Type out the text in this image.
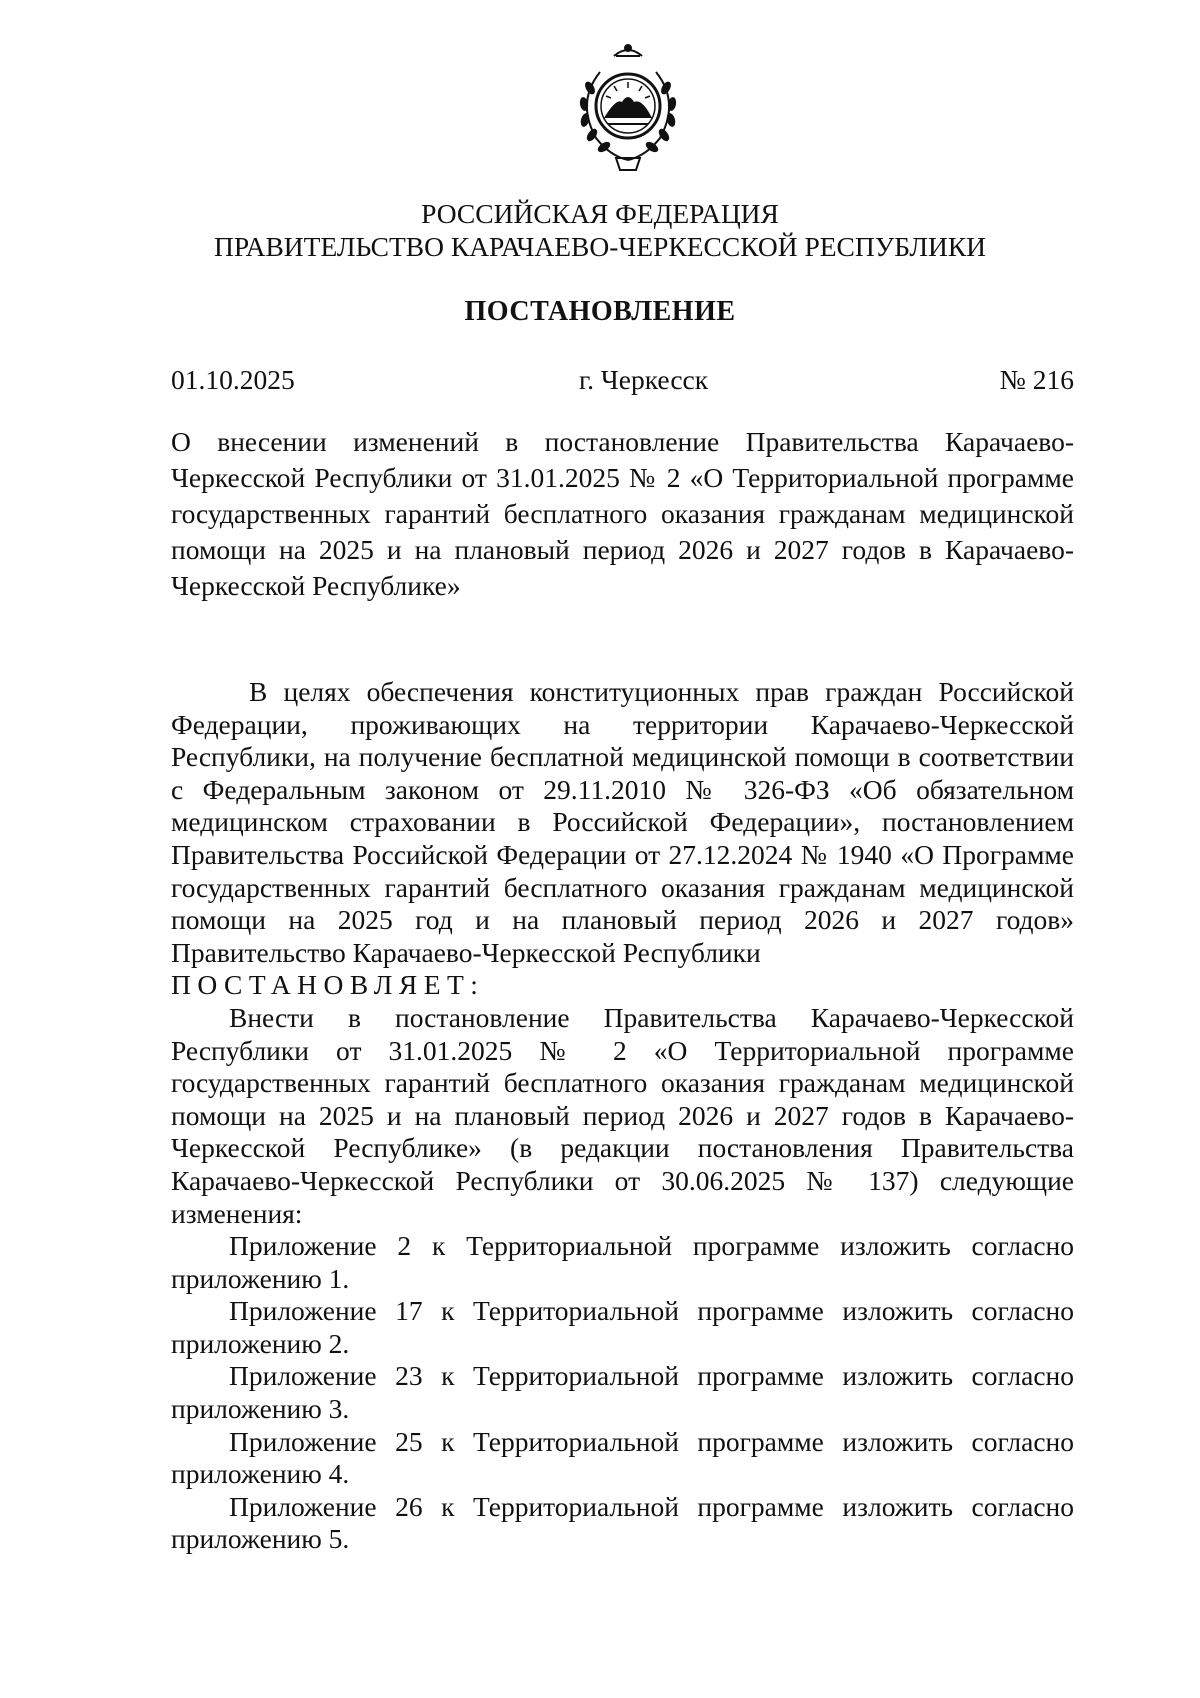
РОССИЙСКАЯ ФЕДЕРАЦИЯ
ПРАВИТЕЛЬСТВО КАРАЧАЕВО-ЧЕРКЕССКОЙ РЕСПУБЛИКИ
ПОСТАНОВЛЕНИЕ
01.10.2025	г. Черкесск	№ 216

О внесении изменений в постановление Правительства Карачаево-Черкесской Республики от 31.01.2025 № 2 «О Территориальной программе государственных гарантий бесплатного оказания гражданам медицинской помощи на 2025 и на плановый период 2026 и 2027 годов в Карачаево-Черкесской Республике»

В целях обеспечения конституционных прав граждан Российской Федерации, проживающих на территории Карачаево-Черкесской Республики, на получение бесплатной медицинской помощи в соответствии с Федеральным законом от 29.11.2010 № 326-ФЗ «Об обязательном медицинском страховании в Российской Федерации», постановлением Правительства Российской Федерации от 27.12.2024 № 1940 «О Программе государственных гарантий бесплатного оказания гражданам медицинской помощи на 2025 год и на плановый период 2026 и 2027 годов» Правительство Карачаево-Черкесской Республики

ПОСТАНОВЛЯЕТ:

Внести в постановление Правительства Карачаево-Черкесской Республики от 31.01.2025 № 2 «О Территориальной программе государственных гарантий бесплатного оказания гражданам медицинской помощи на 2025 и на плановый период 2026 и 2027 годов в Карачаево-Черкесской Республике» (в редакции постановления Правительства Карачаево-Черкесской Республики от 30.06.2025 № 137) следующие изменения:

Приложение 2 к Территориальной программе изложить согласно приложению 1.

Приложение 17 к Территориальной программе изложить согласно приложению 2.

Приложение 23 к Территориальной программе изложить согласно приложению 3.

Приложение 25 к Территориальной программе изложить согласно приложению 4.

Приложение 26 к Территориальной программе изложить согласно приложению 5.
